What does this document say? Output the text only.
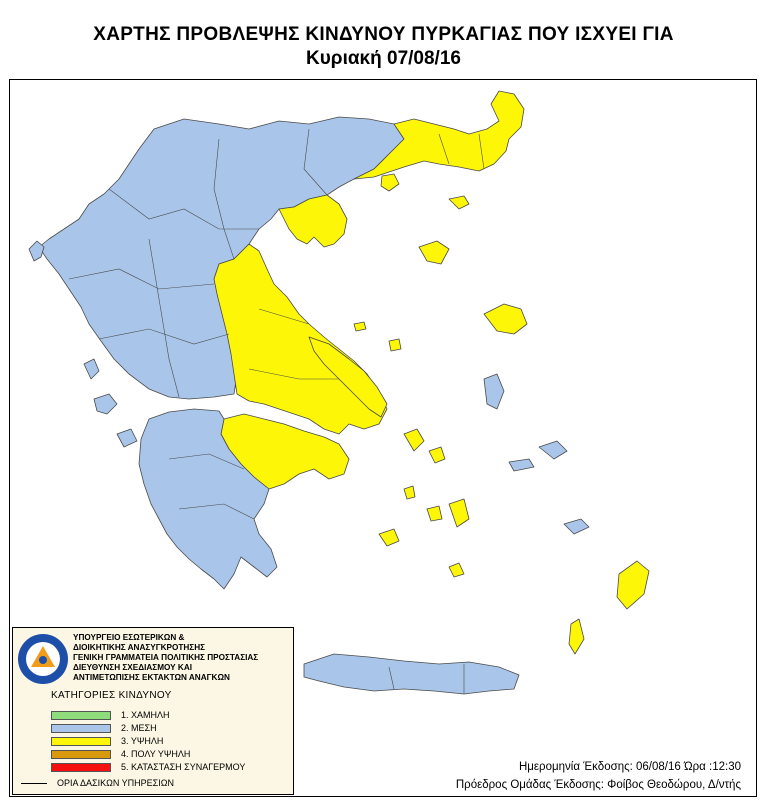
ΧΑΡΤΗΣ ΠΡΟΒΛΕΨΗΣ ΚΙΝΔΥΝΟΥ ΠΥΡΚΑΓΙΑΣ ΠΟΥ ΙΣΧΥΕΙ ΓΙΑ
Κυριακή 07/08/16
ΥΠΟΥΡΓΕΙΟ ΕΣΩΤΕΡΙΚΩΝ &
ΔΙΟΙΚΗΤΙΚΗΣ ΑΝΑΣΥΓΚΡΟΤΗΣΗΣ
ΓΕΝΙΚΗ ΓΡΑΜΜΑΤΕΙΑ ΠΟΛΙΤΙΚΗΣ ΠΡΟΣΤΑΣΙΑΣ
ΔΙΕΥΘΥΝΣΗ ΣΧΕΔΙΑΣΜΟΥ ΚΑΙ
ΑΝΤΙΜΕΤΩΠΙΣΗΣ ΕΚΤΑΚΤΩΝ ΑΝΑΓΚΩΝ
ΚΑΤΗΓΟΡΙΕΣ ΚΙΝΔΥΝΟΥ
1. ΧΑΜΗΛΗ
2. ΜΕΣΗ
3. ΥΨΗΛΗ
4. ΠΟΛΥ ΥΨΗΛΗ
5. ΚΑΤΑΣΤΑΣΗ ΣΥΝΑΓΕΡΜΟΥ
ΟΡΙΑ ΔΑΣΙΚΩΝ ΥΠΗΡΕΣΙΩΝ
Ημερομηνία Έκδοσης: 06/08/16 Ώρα :12:30
Πρόεδρος Ομάδας Έκδοσης: Φοίβος Θεοδώρου, Δ/ντής
